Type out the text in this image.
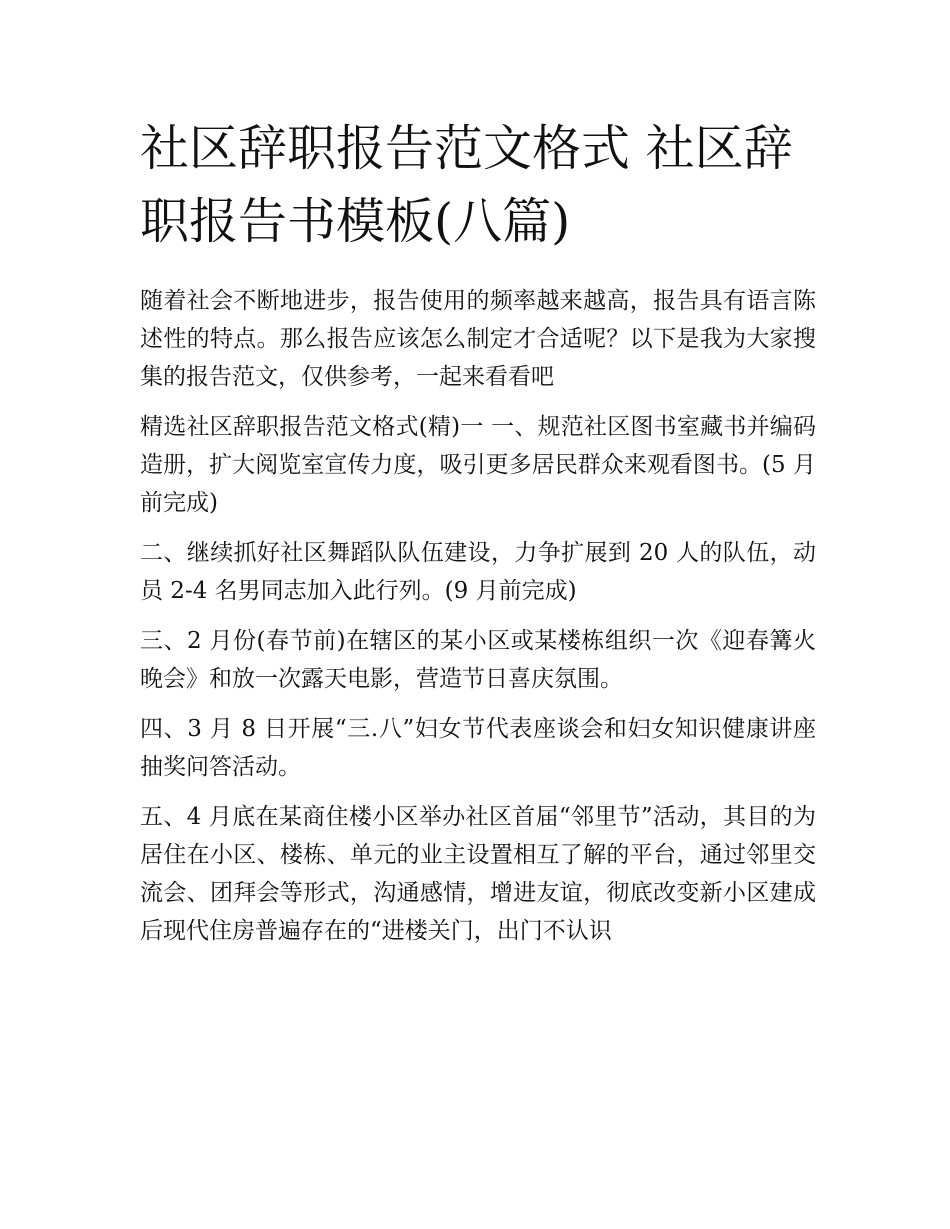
社区辞职报告范文格式 社区辞职报告书模板(八篇)

随着社会不断地进步，报告使用的频率越来越高，报告具有语言陈述性的特点。那么报告应该怎么制定才合适呢？以下是我为大家搜集的报告范文，仅供参考，一起来看看吧

精选社区辞职报告范文格式(精)一 一、规范社区图书室藏书并编码造册，扩大阅览室宣传力度，吸引更多居民群众来观看图书。(5 月前完成)

二、继续抓好社区舞蹈队队伍建设，力争扩展到 20 人的队伍，动员 2-4 名男同志加入此行列。(9 月前完成)

三、2 月份(春节前)在辖区的某小区或某楼栋组织一次《迎春篝火晚会》和放一次露天电影，营造节日喜庆氛围。

四、3 月 8 日开展“三.八”妇女节代表座谈会和妇女知识健康讲座抽奖问答活动。

五、4 月底在某商住楼小区举办社区首届“邻里节”活动，其目的为居住在小区、楼栋、单元的业主设置相互了解的平台，通过邻里交流会、团拜会等形式，沟通感情，增进友谊，彻底改变新小区建成后现代住房普遍存在的“进楼关门，出门不认识
